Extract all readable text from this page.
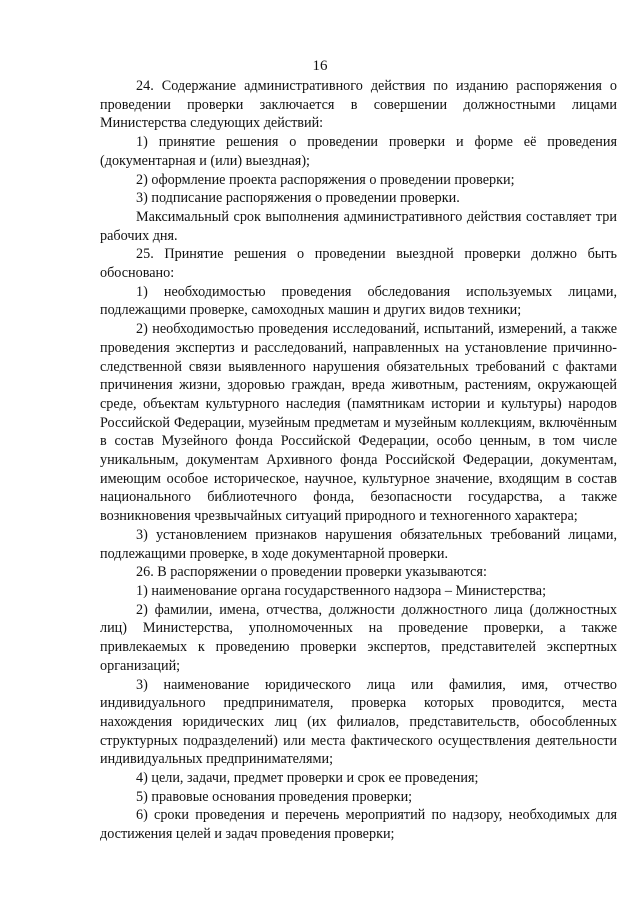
16

24. Содержание административного действия по изданию распоряжения о проведении проверки заключается в совершении должностными лицами Министерства следующих действий:

1) принятие решения о проведении проверки и форме её проведения (документарная и (или) выездная);

2) оформление проекта распоряжения о проведении проверки;

3) подписание распоряжения о проведении проверки.

Максимальный срок выполнения административного действия составляет три рабочих дня.

25. Принятие решения о проведении выездной проверки должно быть обосновано:

1) необходимостью проведения обследования используемых лицами, подлежащими проверке, самоходных машин и других видов техники;

2) необходимостью проведения исследований, испытаний, измерений, а также проведения экспертиз и расследований, направленных на установление причинно-следственной связи выявленного нарушения обязательных требований с фактами причинения жизни, здоровью граждан, вреда животным, растениям, окружающей среде, объектам культурного наследия (памятникам истории и культуры) народов Российской Федерации, музейным предметам и музейным коллекциям, включённым в состав Музейного фонда Российской Федерации, особо ценным, в том числе уникальным, документам Архивного фонда Российской Федерации, документам, имеющим особое историческое, научное, культурное значение, входящим в состав национального библиотечного фонда, безопасности государства, а также возникновения чрезвычайных ситуаций природного и техногенного характера;

3) установлением признаков нарушения обязательных требований лицами, подлежащими проверке, в ходе документарной проверки.

26. В распоряжении о проведении проверки указываются:

1) наименование органа государственного надзора – Министерства;

2) фамилии, имена, отчества, должности должностного лица (должностных лиц) Министерства, уполномоченных на проведение проверки, а также привлекаемых к проведению проверки экспертов, представителей экспертных организаций;

3) наименование юридического лица или фамилия, имя, отчество индивидуального предпринимателя, проверка которых проводится, места нахождения юридических лиц (их филиалов, представительств, обособленных структурных подразделений) или места фактического осуществления деятельности индивидуальных предпринимателями;

4) цели, задачи, предмет проверки и срок ее проведения;

5) правовые основания проведения проверки;

6) сроки проведения и перечень мероприятий по надзору, необходимых для достижения целей и задач проведения проверки;
